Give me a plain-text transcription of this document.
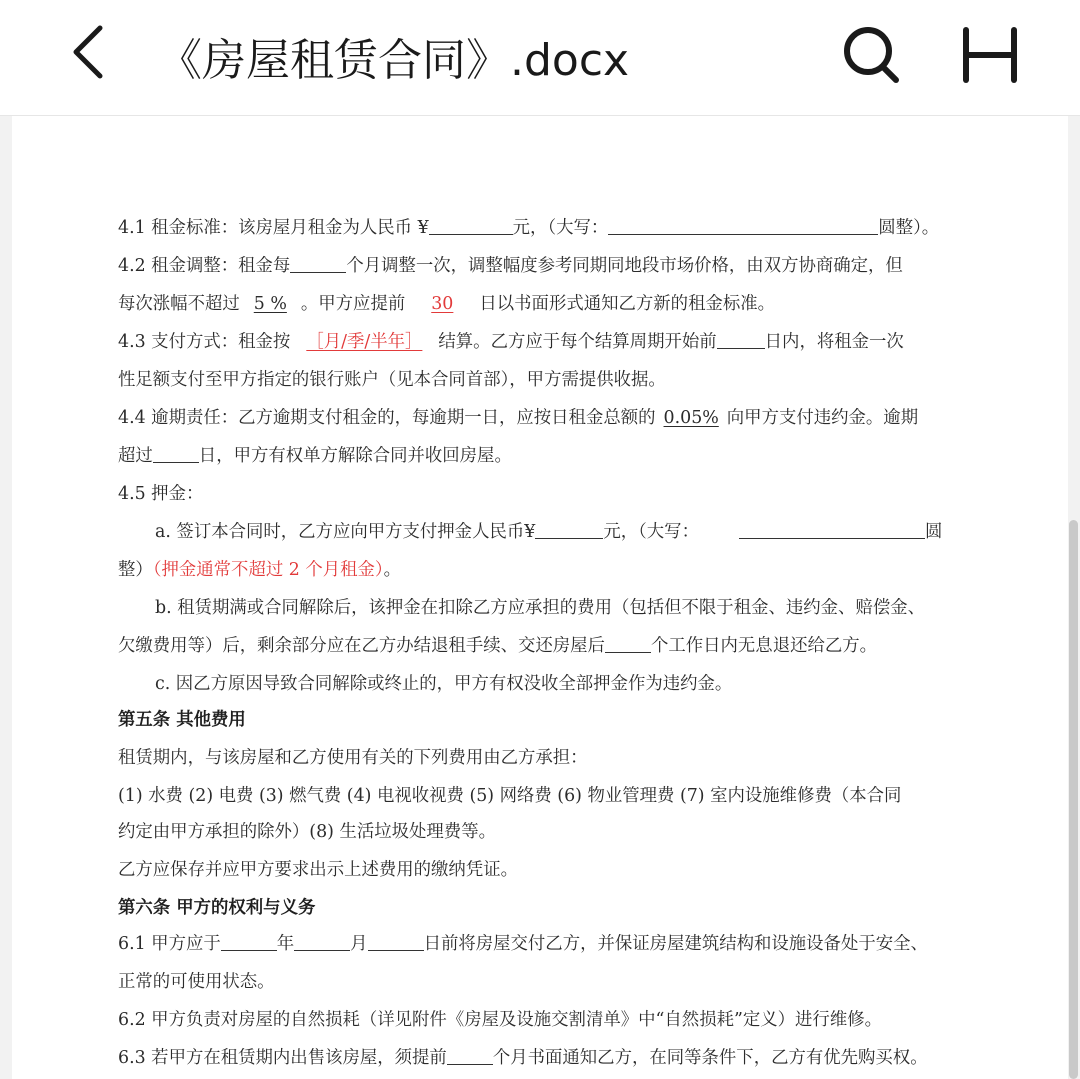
《房屋租赁合同》.docx
4.1 租金标准：该房屋月租金为人民币 ¥	元，（大写：	圆整）。
4.2 租金调整：租金每	个月调整一次，调整幅度参考同期同地段市场价格，由双方协商确定，但
每次涨幅不超过 5 % 。甲方应提前 30 日以书面形式通知乙方新的租金标准。
4.3 支付方式：租金按 ［月/季/半年］ 结算。乙方应于每个结算周期开始前	日内，将租金一次
性足额支付至甲方指定的银行账户（见本合同首部），甲方需提供收据。
4.4 逾期责任：乙方逾期支付租金的，每逾期一日，应按日租金总额的 0.05% 向甲方支付违约金。逾期
超过	日，甲方有权单方解除合同并收回房屋。
4.5 押金：
a. 签订本合同时，乙方应向甲方支付押金人民币¥	元，（大写：	圆
整）（押金通常不超过 2 个月租金）。
b. 租赁期满或合同解除后，该押金在扣除乙方应承担的费用（包括但不限于租金、违约金、赔偿金、
欠缴费用等）后，剩余部分应在乙方办结退租手续、交还房屋后	个工作日内无息退还给乙方。
c. 因乙方原因导致合同解除或终止的，甲方有权没收全部押金作为违约金。
第五条 其他费用
租赁期内，与该房屋和乙方使用有关的下列费用由乙方承担：
(1) 水费 (2) 电费 (3) 燃气费 (4) 电视收视费 (5) 网络费 (6) 物业管理费 (7) 室内设施维修费（本合同
约定由甲方承担的除外）(8) 生活垃圾处理费等。
乙方应保存并应甲方要求出示上述费用的缴纳凭证。
第六条 甲方的权利与义务
6.1 甲方应于	年	月	日前将房屋交付乙方，并保证房屋建筑结构和设施设备处于安全、
正常的可使用状态。
6.2 甲方负责对房屋的自然损耗（详见附件《房屋及设施交割清单》中“自然损耗”定义）进行维修。
6.3 若甲方在租赁期内出售该房屋，须提前	个月书面通知乙方，在同等条件下，乙方有优先购买权。
